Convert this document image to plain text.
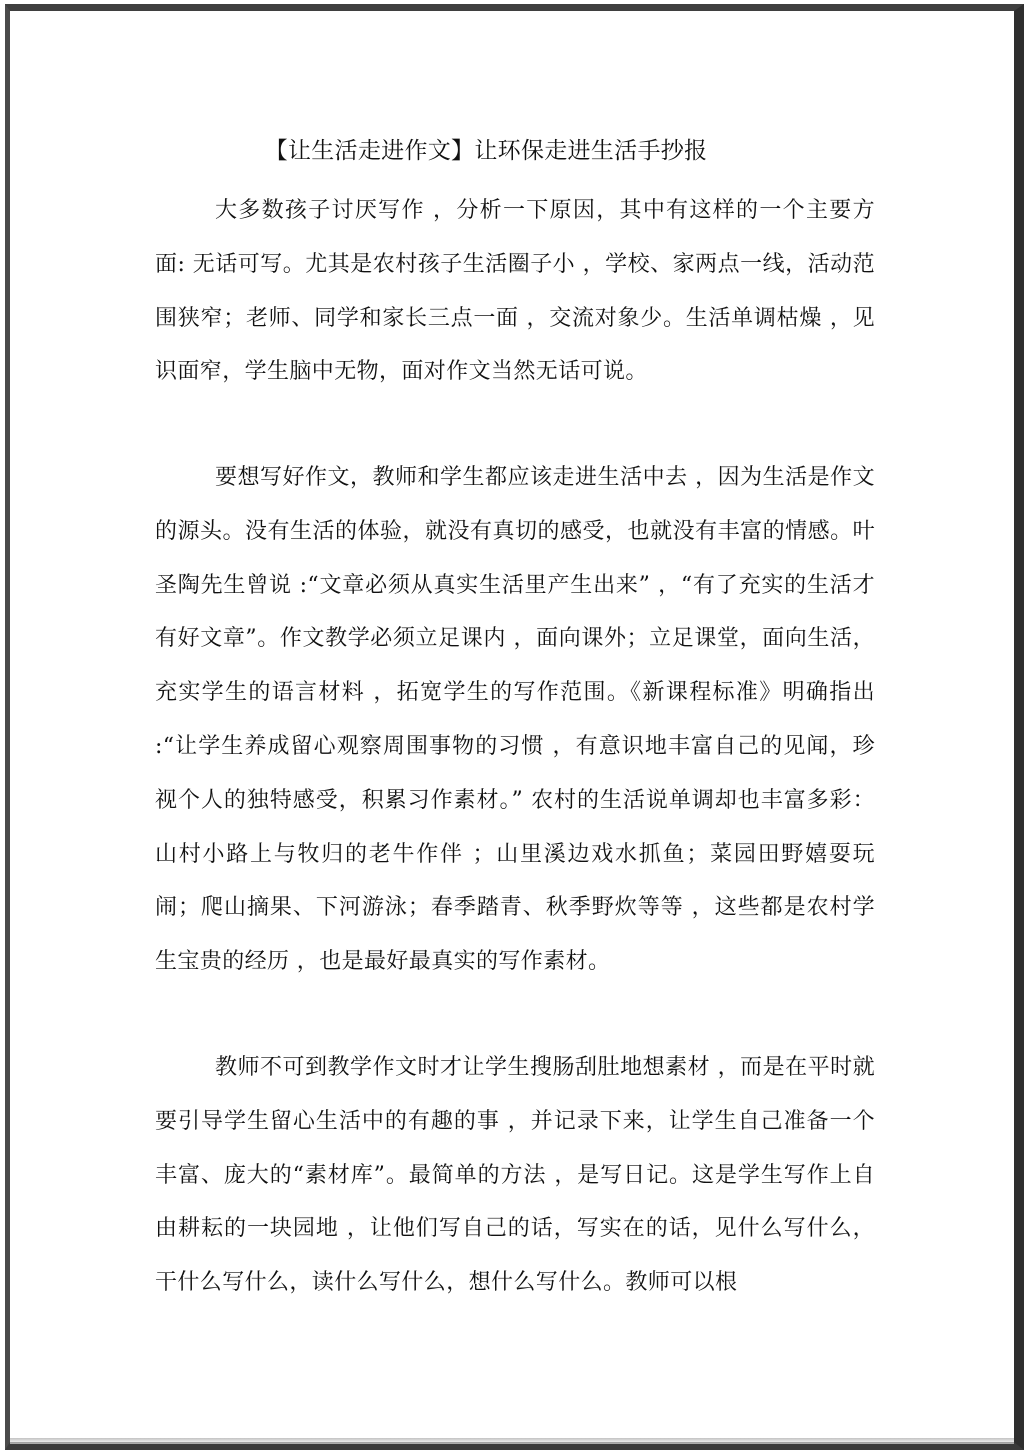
【让生活走进作文】让环保走进生活手抄报

大多数孩子讨厌写作 ，分析一下原因，其中有这样的一个主要方面: 无话可写。尤其是农村孩子生活圈子小 ，学校、家两点一线，活动范围狭窄；老师、同学和家长三点一面 ，交流对象少。生活单调枯燥 ，见识面窄，学生脑中无物，面对作文当然无话可说。

要想写好作文，教师和学生都应该走进生活中去 ，因为生活是作文的源头。没有生活的体验，就没有真切的感受，也就没有丰富的情感。叶圣陶先生曾说 :“文章必须从真实生活里产生出来” ，“有了充实的生活才有好文章”。作文教学必须立足课内 ，面向课外；立足课堂，面向生活，充实学生的语言材料 ，拓宽学生的写作范围。《新课程标准》明确指出 :“让学生养成留心观察周围事物的习惯 ，有意识地丰富自己的见闻，珍视个人的独特感受，积累习作素材。” 农村的生活说单调却也丰富多彩：山村小路上与牧归的老牛作伴 ；山里溪边戏水抓鱼；菜园田野嬉耍玩闹；爬山摘果、下河游泳；春季踏青、秋季野炊等等 ，这些都是农村学生宝贵的经历 ，也是最好最真实的写作素材。

教师不可到教学作文时才让学生搜肠刮肚地想素材 ，而是在平时就要引导学生留心生活中的有趣的事 ，并记录下来，让学生自己准备一个丰富、庞大的“素材库”。最简单的方法 ，是写日记。这是学生写作上自由耕耘的一块园地 ，让他们写自己的话，写实在的话，见什么写什么，干什么写什么，读什么写什么，想什么写什么。教师可以根
